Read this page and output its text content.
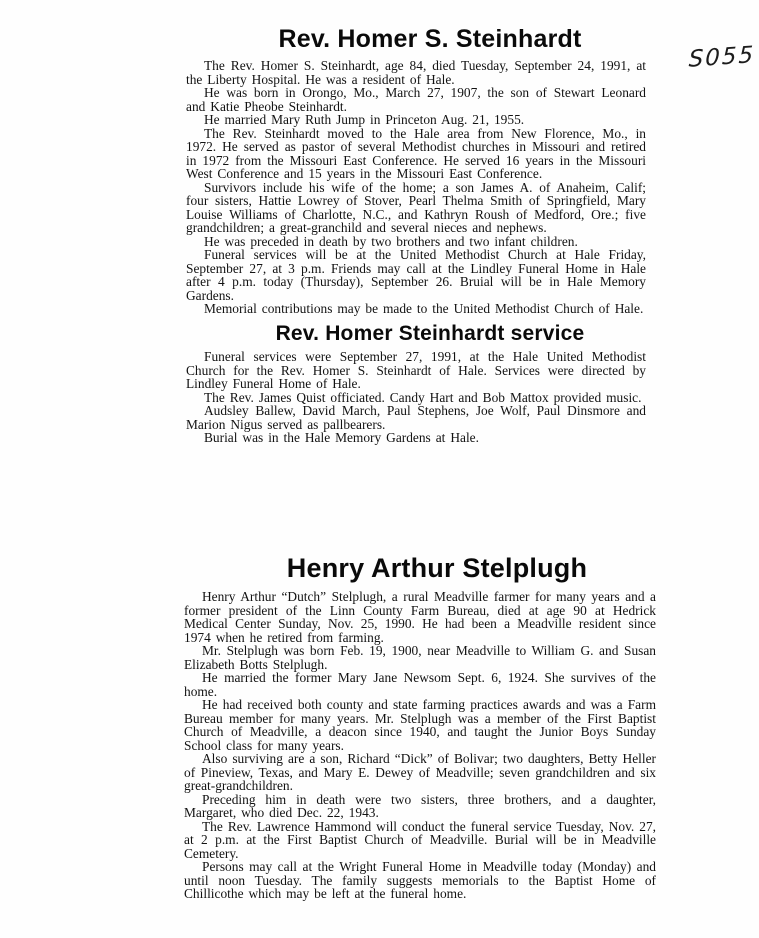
S055
Rev. Homer S. Steinhardt

The Rev. Homer S. Steinhardt, age 84, died Tuesday, September 24, 1991, at the Liberty Hospital. He was a resident of Hale.

He was born in Orongo, Mo., March 27, 1907, the son of Stewart Leonard and Katie Pheobe Steinhardt.

He married Mary Ruth Jump in Princeton Aug. 21, 1955.

The Rev. Steinhardt moved to the Hale area from New Florence, Mo., in 1972. He served as pastor of several Methodist churches in Missouri and retired in 1972 from the Missouri East Conference. He served 16 years in the Missouri West Conference and 15 years in the Missouri East Conference.

Survivors include his wife of the home; a son James A. of Anaheim, Calif; four sisters, Hattie Lowrey of Stover, Pearl Thelma Smith of Springfield, Mary Louise Williams of Charlotte, N.C., and Kathryn Roush of Medford, Ore.; five grandchildren; a great-granchild and several nieces and nephews.

He was preceded in death by two brothers and two infant children.

Funeral services will be at the United Methodist Church at Hale Friday, September 27, at 3 p.m. Friends may call at the Lindley Funeral Home in Hale after 4 p.m. today (Thursday), September 26. Bruial will be in Hale Memory Gardens.

Memorial contributions may be made to the United Methodist Church of Hale.

Rev. Homer Steinhardt service

Funeral services were September 27, 1991, at the Hale United Methodist Church for the Rev. Homer S. Steinhardt of Hale. Services were directed by Lindley Funeral Home of Hale.

The Rev. James Quist officiated. Candy Hart and Bob Mattox provided music.

Audsley Ballew, David March, Paul Stephens, Joe Wolf, Paul Dinsmore and Marion Nigus served as pallbearers.

Burial was in the Hale Memory Gardens at Hale.

Henry Arthur Stelplugh

Henry Arthur “Dutch” Stelplugh, a rural Meadville farmer for many years and a former president of the Linn County Farm Bureau, died at age 90 at Hedrick Medical Center Sunday, Nov. 25, 1990. He had been a Meadville resident since 1974 when he retired from farming.

Mr. Stelplugh was born Feb. 19, 1900, near Meadville to William G. and Susan Elizabeth Botts Stelplugh.

He married the former Mary Jane Newsom Sept. 6, 1924. She survives of the home.

He had received both county and state farming practices awards and was a Farm Bureau member for many years. Mr. Stelplugh was a member of the First Baptist Church of Meadville, a deacon since 1940, and taught the Junior Boys Sunday School class for many years.

Also surviving are a son, Richard “Dick” of Bolivar; two daughters, Betty Heller of Pineview, Texas, and Mary E. Dewey of Meadville; seven grandchildren and six great-grandchildren.

Preceding him in death were two sisters, three brothers, and a daughter, Margaret, who died Dec. 22, 1943.

The Rev. Lawrence Hammond will conduct the funeral service Tuesday, Nov. 27, at 2 p.m. at the First Baptist Church of Meadville. Burial will be in Meadville Cemetery.

Persons may call at the Wright Funeral Home in Meadville today (Monday) and until noon Tuesday. The family suggests memorials to the Baptist Home of Chillicothe which may be left at the funeral home.
